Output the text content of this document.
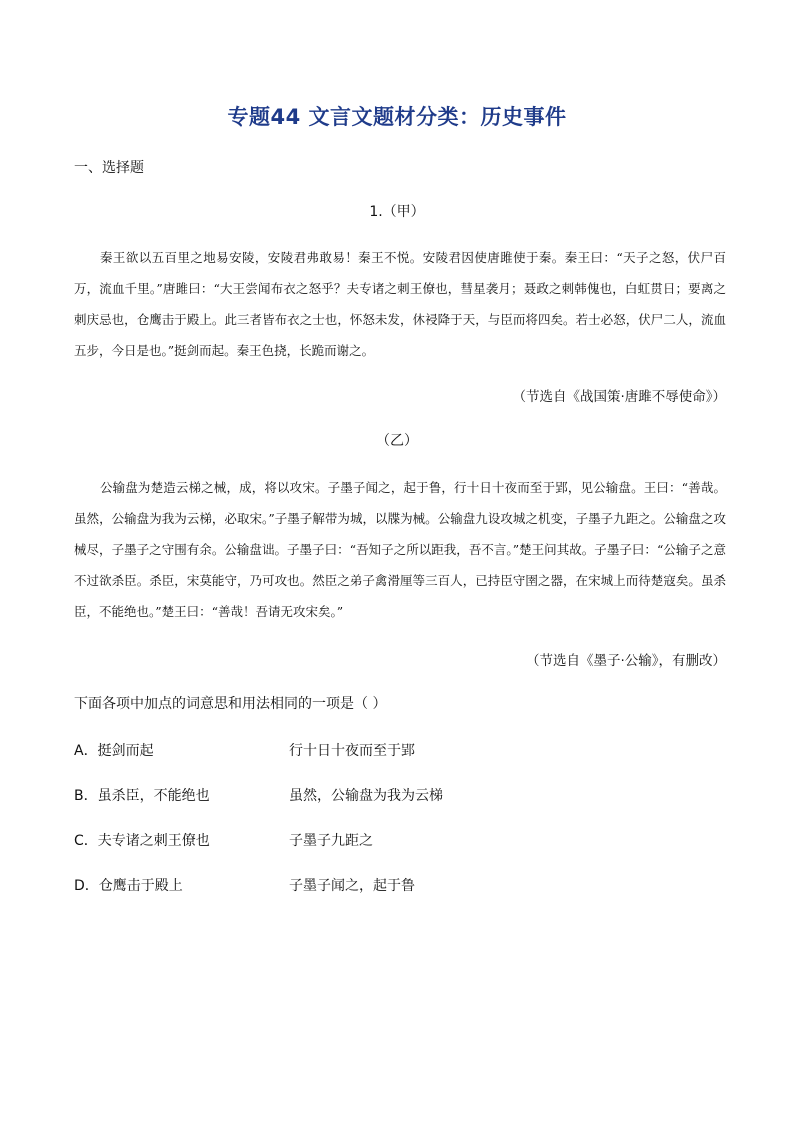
专题44 文言文题材分类：历史事件
一、选择题
1.（甲）
秦王欲以五百里之地易安陵，安陵君弗敢易！秦王不悦。安陵君因使唐雎使于秦。秦王曰：“天子之怒，伏尸百万，流血千里。”唐雎曰：“大王尝闻布衣之怒乎？夫专诸之刺王僚也，彗星袭月；聂政之刺韩傀也，白虹贯日；要离之刺庆忌也，仓鹰击于殿上。此三者皆布衣之士也，怀怒未发，休祲降于天，与臣而将四矣。若士必怒，伏尸二人，流血五步，今日是也。”挺剑而起。秦王色挠，长跪而谢之。
（节选自《战国策·唐雎不辱使命》）
（乙）
公输盘为楚造云梯之械，成，将以攻宋。子墨子闻之，起于鲁，行十日十夜而至于郢，见公输盘。王曰：“善哉。虽然，公输盘为我为云梯，必取宋。”子墨子解带为城，以牒为械。公输盘九设攻城之机变，子墨子九距之。公输盘之攻械尽，子墨子之守围有余。公输盘诎。子墨子曰：“吾知子之所以距我，吾不言。”楚王问其故。子墨子曰：“公输子之意不过欲杀臣。杀臣，宋莫能守，乃可攻也。然臣之弟子禽滑厘等三百人，已持臣守圉之器，在宋城上而待楚寇矣。虽杀臣，不能绝也。”楚王曰：“善哉！吾请无攻宋矣。”
（节选自《墨子·公输》，有删改）
下面各项中加点的词意思和用法相同的一项是（ ）
A．挺剑而起	行十日十夜而至于郢
B．虽杀臣，不能绝也	虽然，公输盘为我为云梯
C．夫专诸之刺王僚也	子墨子九距之
D．仓鹰击于殿上	子墨子闻之，起于鲁
